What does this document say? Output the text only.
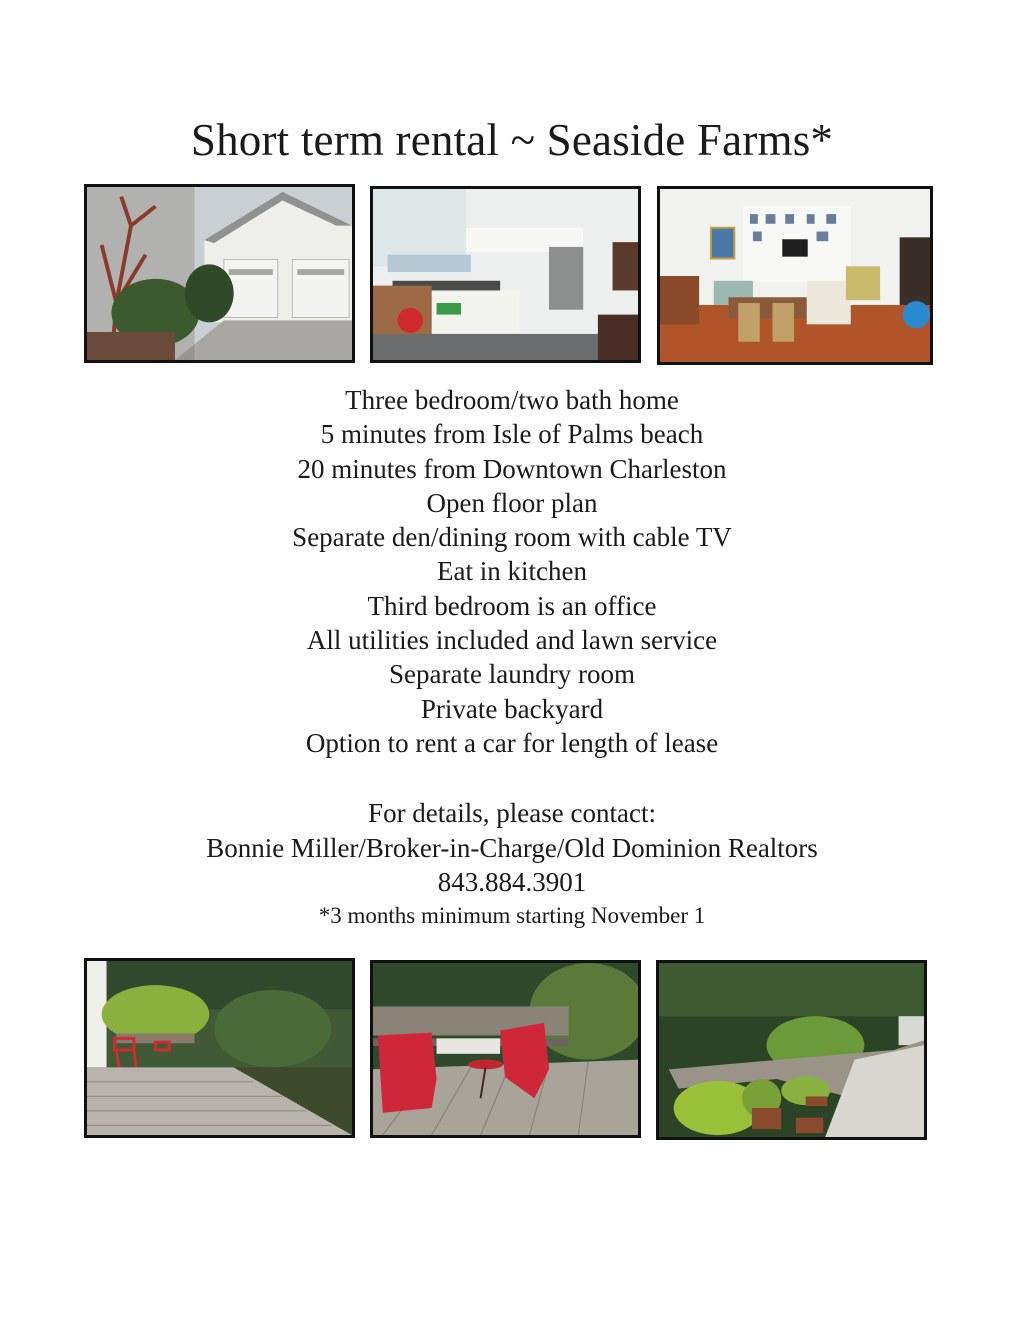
Short term rental ~ Seaside Farms*
Three bedroom/two bath home
5 minutes from Isle of Palms beach
20 minutes from Downtown Charleston
Open floor plan
Separate den/dining room with cable TV
Eat in kitchen
Third bedroom is an office
All utilities included and lawn service
Separate laundry room
Private backyard
Option to rent a car for length of lease
For details, please contact:
Bonnie Miller/Broker-in-Charge/Old Dominion Realtors
843.884.3901
*3 months minimum starting November 1
